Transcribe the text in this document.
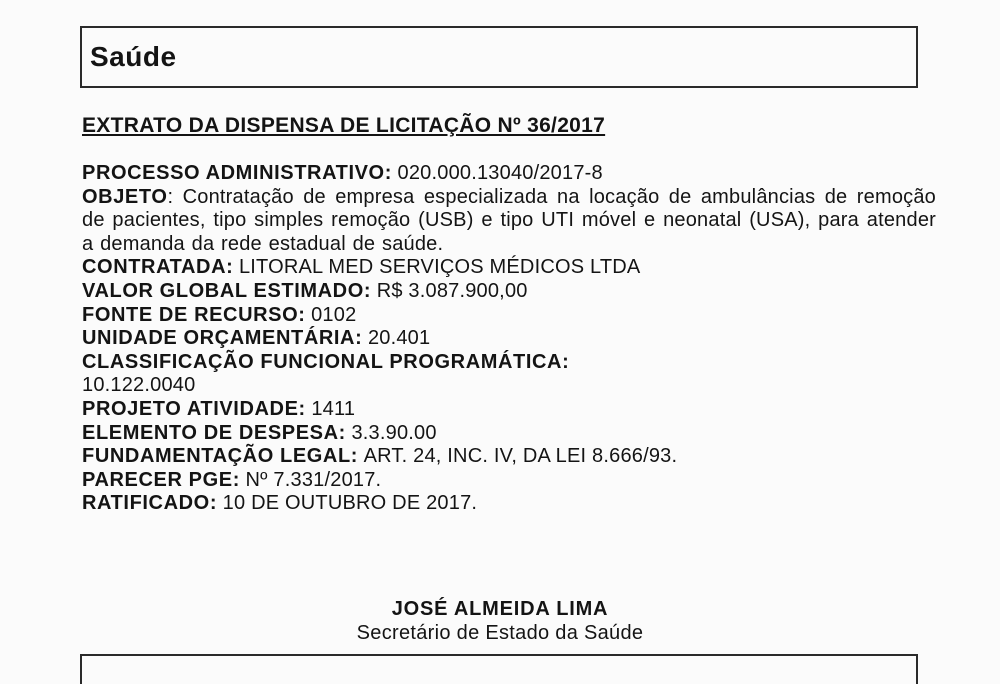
Saúde
EXTRATO DA DISPENSA DE LICITAÇÃO Nº 36/2017
PROCESSO ADMINISTRATIVO: 020.000.13040/2017-8
OBJETO: Contratação de empresa especializada na locação de ambulâncias de remoção de pacientes, tipo simples remoção (USB) e tipo UTI móvel e neonatal (USA), para atender a demanda da rede estadual de saúde.
CONTRATADA: LITORAL MED SERVIÇOS MÉDICOS LTDA
VALOR GLOBAL ESTIMADO: R$ 3.087.900,00
FONTE DE RECURSO: 0102
UNIDADE ORÇAMENTÁRIA: 20.401
CLASSIFICAÇÃO FUNCIONAL PROGRAMÁTICA:
10.122.0040
PROJETO ATIVIDADE: 1411
ELEMENTO DE DESPESA: 3.3.90.00
FUNDAMENTAÇÃO LEGAL: ART. 24, INC. IV, DA LEI 8.666/93.
PARECER PGE: Nº 7.331/2017.
RATIFICADO: 10 DE OUTUBRO DE 2017.
JOSÉ ALMEIDA LIMA
Secretário de Estado da Saúde
